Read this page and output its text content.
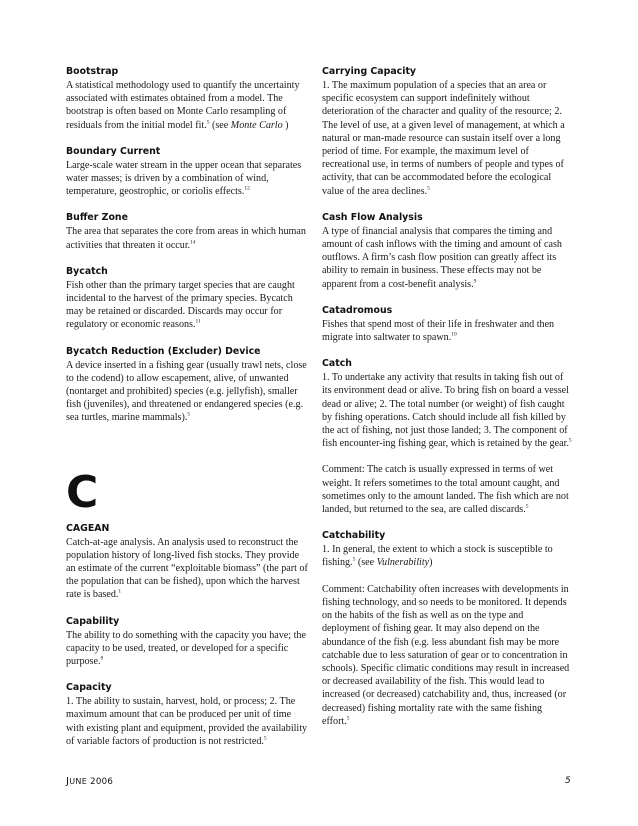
Bootstrap

A statistical methodology used to quantify the uncertainty associated with estimates obtained from a model. The bootstrap is often based on Monte Carlo resampling of residuals from the initial model fit.$^5$ (see Monte Carlo )

Boundary Current

Large-scale water stream in the upper ocean that separates water masses; is driven by a combination of wind, temperature, geostrophic, or coriolis effects.$^{12}$

Buffer Zone

The area that separates the core from areas in which human activities that threaten it occur.$^{14}$

Bycatch

Fish other than the primary target species that are caught incidental to the harvest of the primary species. Bycatch may be retained or discarded. Discards may occur for regulatory or economic reasons.$^{11}$

Bycatch Reduction (Excluder) Device

A device inserted in a fishing gear (usually trawl nets, close to the codend) to allow escapement, alive, of unwanted (nontarget and prohibited) species (e.g. jellyfish), smaller fish (juveniles), and threatened or endangered species (e.g. sea turtles, marine mammals).$^5$

C
CAGEAN

Catch-at-age analysis. An analysis used to reconstruct the population history of long-lived fish stocks. They provide an estimate of the current “exploitable biomass” (the part of the population that can be fished), upon which the harvest rate is based.$^1$

Capability

The ability to do something with the capacity you have; the capacity to be used, treated, or developed for a specific purpose.$^8$

Capacity

1. The ability to sustain, harvest, hold, or process; 2. The maximum amount that can be produced per unit of time with existing plant and equipment, provided the availability of variable factors of production is not restricted.$^5$

Carrying Capacity

1. The maximum population of a species that an area or specific ecosystem can support indefinitely without deterioration of the character and quality of the resource; 2. The level of use, at a given level of management, at which a natural or man-made resource can sustain itself over a long period of time. For example, the maximum level of recreational use, in terms of numbers of people and types of activity, that can be accommodated before the ecological value of the area declines.$^5$

Cash Flow Analysis

A type of financial analysis that compares the timing and amount of cash inflows with the timing and amount of cash outflows. A firm’s cash flow position can greatly affect its ability to remain in business. These effects may not be apparent from a cost-benefit analysis.$^9$

Catadromous

Fishes that spend most of their life in freshwater and then migrate into saltwater to spawn.$^{10}$

Catch

1. To undertake any activity that results in taking fish out of its environment dead or alive. To bring fish on board a vessel dead or alive; 2. The total number (or weight) of fish caught by fishing operations. Catch should include all fish killed by the act of fishing, not just those landed; 3. The component of fish encounter-ing fishing gear, which is retained by the gear.$^5$

Comment: The catch is usually expressed in terms of wet weight. It refers sometimes to the total amount caught, and sometimes only to the amount landed. The fish which are not landed, but returned to the sea, are called discards.$^5$

Catchability

1. In general, the extent to which a stock is susceptible to fishing.$^5$ (see Vulnerability)

Comment: Catchability often increases with developments in fishing technology, and so needs to be monitored. It depends on the habits of the fish as well as on the type and deployment of fishing gear. It may also depend on the abundance of the fish (e.g. less abundant fish may be more catchable due to less saturation of gear or to concentration in schools). Specific climatic conditions may result in increased or decreased availability of the fish. This would lead to increased (or decreased) catchability and, thus, increased (or decreased) fishing mortality rate with the same fishing effort.$^5$

JUNE 2006	5
